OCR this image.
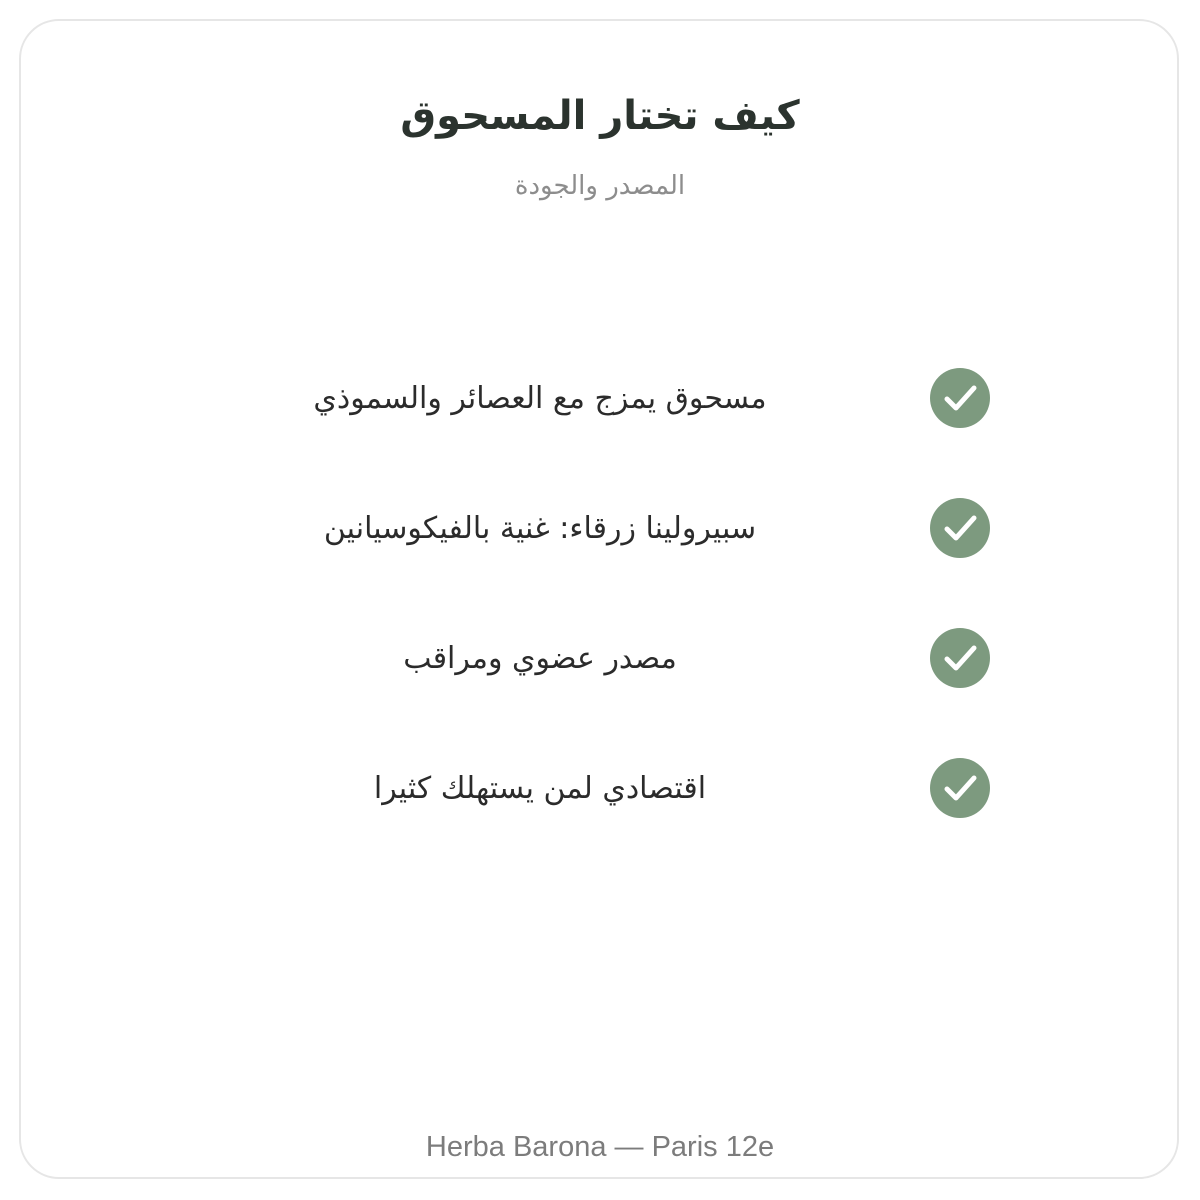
كيف تختار المسحوق
المصدر والجودة
مسحوق يمزج مع العصائر والسموذي
سبيرولينا زرقاء: غنية بالفيكوسيانين
مصدر عضوي ومراقب
اقتصادي لمن يستهلك كثيرا
Herba Barona — Paris 12e
